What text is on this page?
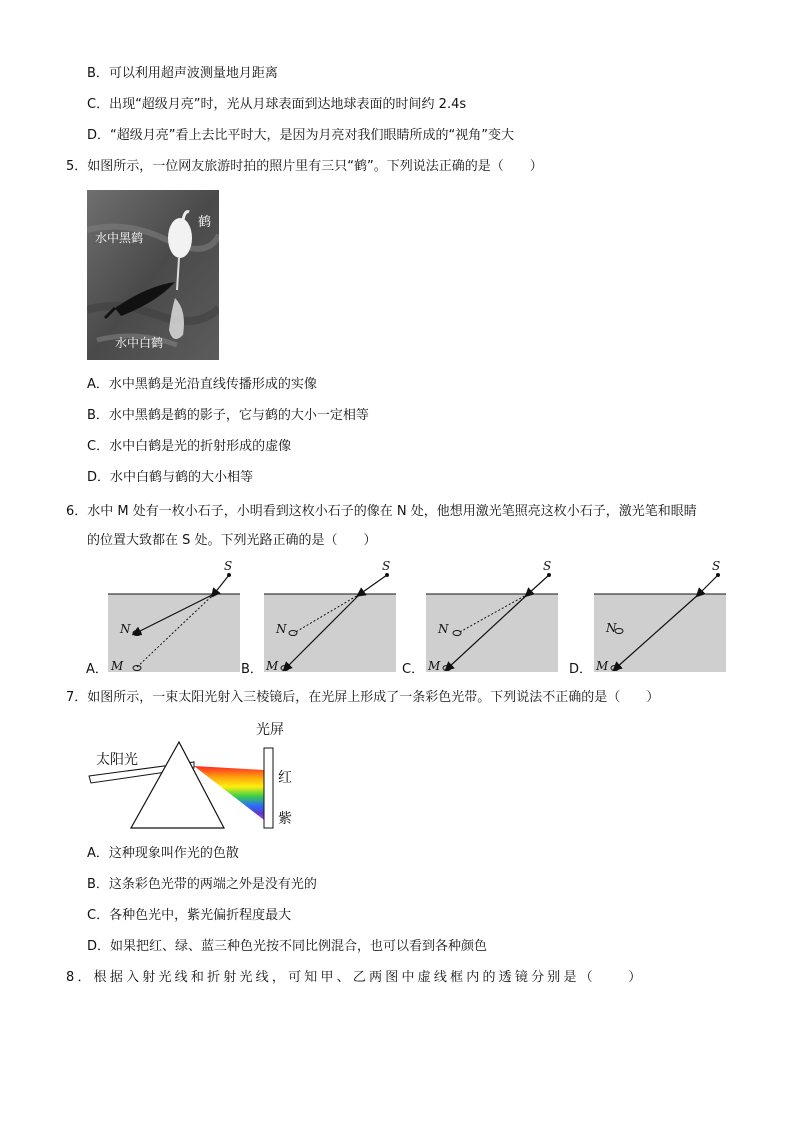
B．可以利用超声波测量地月距离
C．出现“超级月亮”时，光从月球表面到达地球表面的时间约 2.4s
D．“超级月亮”看上去比平时大，是因为月亮对我们眼睛所成的“视角”变大
5．如图所示，一位网友旅游时拍的照片里有三只“鹤”。下列说法正确的是（　　）
鹤
水中黑鹤
水中白鹤
A．水中黑鹤是光沿直线传播形成的实像
B．水中黑鹤是鹤的影子，它与鹤的大小一定相等
C．水中白鹤是光的折射形成的虚像
D．水中白鹤与鹤的大小相等
6．水中 M 处有一枚小石子，小明看到这枚小石子的像在 N 处，他想用激光笔照亮这枚小石子，激光笔和眼睛
的位置大致都在 S 处。下列光路正确的是（　　）
A．
S
N
M	B．
S
N
M	C．
S
N
M	D．
S
N
M
7．如图所示，一束太阳光射入三棱镜后，在光屏上形成了一条彩色光带。下列说法不正确的是（　　）
太阳光
光屏
红
紫
A．这种现象叫作光的色散
B．这条彩色光带的两端之外是没有光的
C．各种色光中，紫光偏折程度最大
D．如果把红、绿、蓝三种色光按不同比例混合，也可以看到各种颜色
8．根据入射光线和折射光线，可知甲、乙两图中虚线框内的透镜分别是（　　）
